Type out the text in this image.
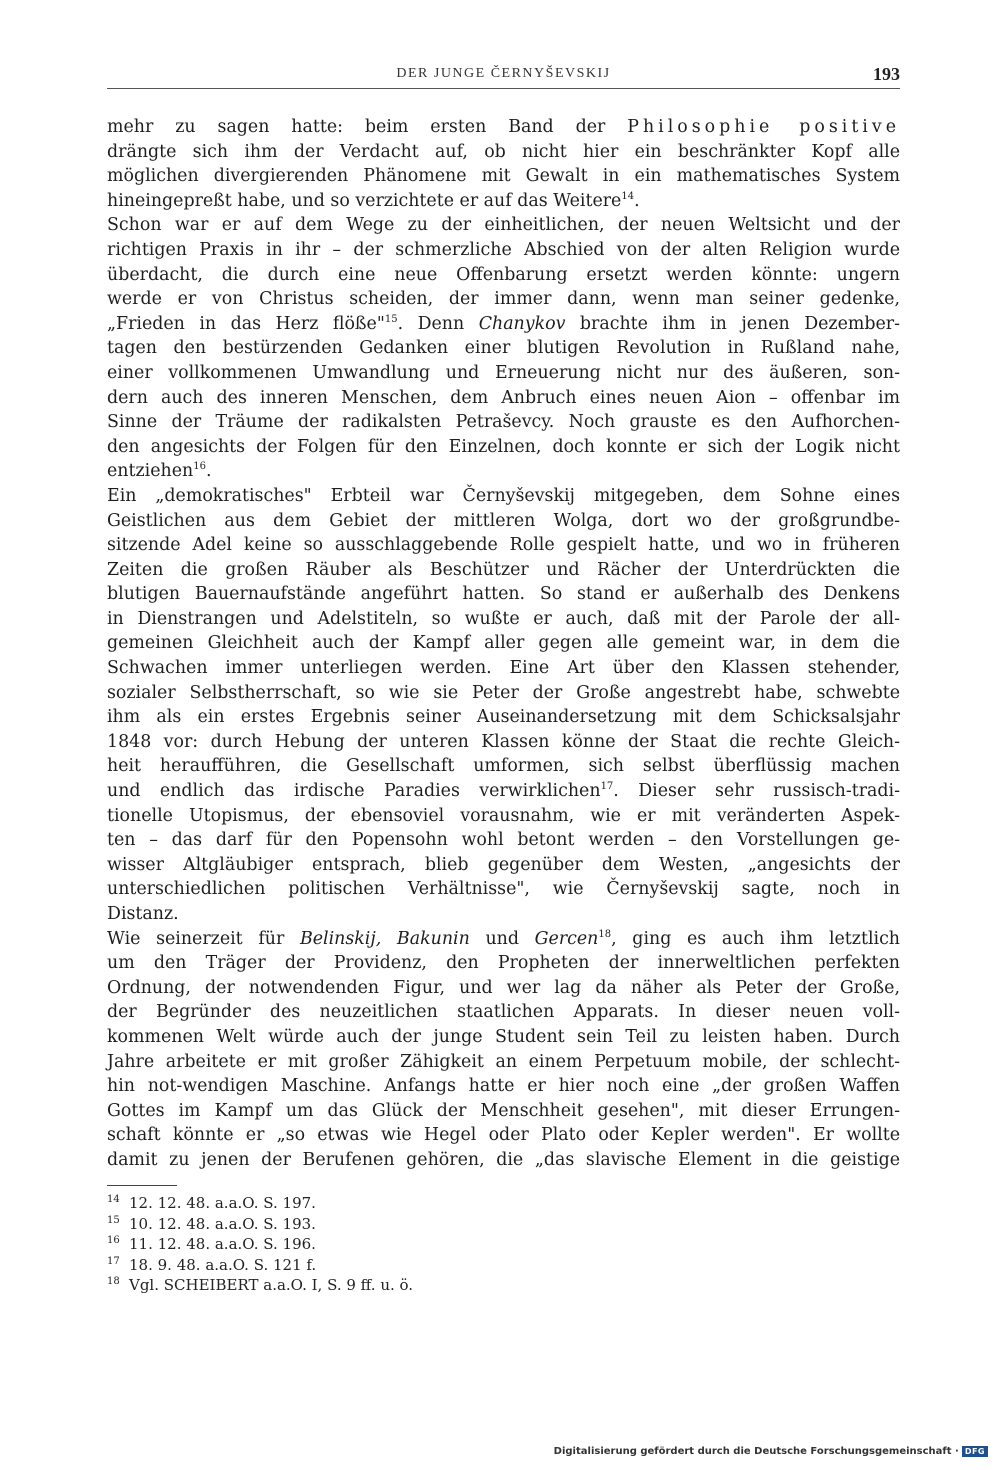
DER JUNGE ČERNYŠEVSKIJ	193
mehr zu sagen hatte: beim ersten Band der Philosophie positive
drängte sich ihm der Verdacht auf, ob nicht hier ein beschränkter Kopf alle
möglichen divergierenden Phänomene mit Gewalt in ein mathematisches System
hineingepreßt habe, und so verzichtete er auf das Weitere$^{14}$.
Schon war er auf dem Wege zu der einheitlichen, der neuen Weltsicht und der
richtigen Praxis in ihr – der schmerzliche Abschied von der alten Religion wurde
überdacht, die durch eine neue Offenbarung ersetzt werden könnte: ungern
werde er von Christus scheiden, der immer dann, wenn man seiner gedenke,
„Frieden in das Herz flöße"$^{15}$. Denn Chanykov brachte ihm in jenen Dezember-
tagen den bestürzenden Gedanken einer blutigen Revolution in Rußland nahe,
einer vollkommenen Umwandlung und Erneuerung nicht nur des äußeren, son-
dern auch des inneren Menschen, dem Anbruch eines neuen Aion – offenbar im
Sinne der Träume der radikalsten Petraševcy. Noch grauste es den Aufhorchen-
den angesichts der Folgen für den Einzelnen, doch konnte er sich der Logik nicht
entziehen$^{16}$.
Ein „demokratisches" Erbteil war Černyševskij mitgegeben, dem Sohne eines
Geistlichen aus dem Gebiet der mittleren Wolga, dort wo der großgrundbe-
sitzende Adel keine so ausschlaggebende Rolle gespielt hatte, und wo in früheren
Zeiten die großen Räuber als Beschützer und Rächer der Unterdrückten die
blutigen Bauernaufstände angeführt hatten. So stand er außerhalb des Denkens
in Dienstrangen und Adelstiteln, so wußte er auch, daß mit der Parole der all-
gemeinen Gleichheit auch der Kampf aller gegen alle gemeint war, in dem die
Schwachen immer unterliegen werden. Eine Art über den Klassen stehender,
sozialer Selbstherrschaft, so wie sie Peter der Große angestrebt habe, schwebte
ihm als ein erstes Ergebnis seiner Auseinandersetzung mit dem Schicksalsjahr
1848 vor: durch Hebung der unteren Klassen könne der Staat die rechte Gleich-
heit heraufführen, die Gesellschaft umformen, sich selbst überflüssig machen
und endlich das irdische Paradies verwirklichen$^{17}$. Dieser sehr russisch-tradi-
tionelle Utopismus, der ebensoviel vorausnahm, wie er mit veränderten Aspek-
ten – das darf für den Popensohn wohl betont werden – den Vorstellungen ge-
wisser Altgläubiger entsprach, blieb gegenüber dem Westen, „angesichts der
unterschiedlichen politischen Verhältnisse", wie Černyševskij sagte, noch in
Distanz.
Wie seinerzeit für Belinskij, Bakunin und Gercen$^{18}$, ging es auch ihm letztlich
um den Träger der Providenz, den Propheten der innerweltlichen perfekten
Ordnung, der notwendenden Figur, und wer lag da näher als Peter der Große,
der Begründer des neuzeitlichen staatlichen Apparats. In dieser neuen voll-
kommenen Welt würde auch der junge Student sein Teil zu leisten haben. Durch
Jahre arbeitete er mit großer Zähigkeit an einem Perpetuum mobile, der schlecht-
hin not-wendigen Maschine. Anfangs hatte er hier noch eine „der großen Waffen
Gottes im Kampf um das Glück der Menschheit gesehen", mit dieser Errungen-
schaft könnte er „so etwas wie Hegel oder Plato oder Kepler werden". Er wollte
damit zu jenen der Berufenen gehören, die „das slavische Element in die geistige
14 12. 12. 48. a.a.O. S. 197.
15 10. 12. 48. a.a.O. S. 193.
16 11. 12. 48. a.a.O. S. 196.
17 18. 9. 48. a.a.O. S. 121 f.
18 Vgl. SCHEIBERT a.a.O. I, S. 9 ff. u. ö.
Digitalisierung gefördert durch die Deutsche Forschungsgemeinschaft · DFG
